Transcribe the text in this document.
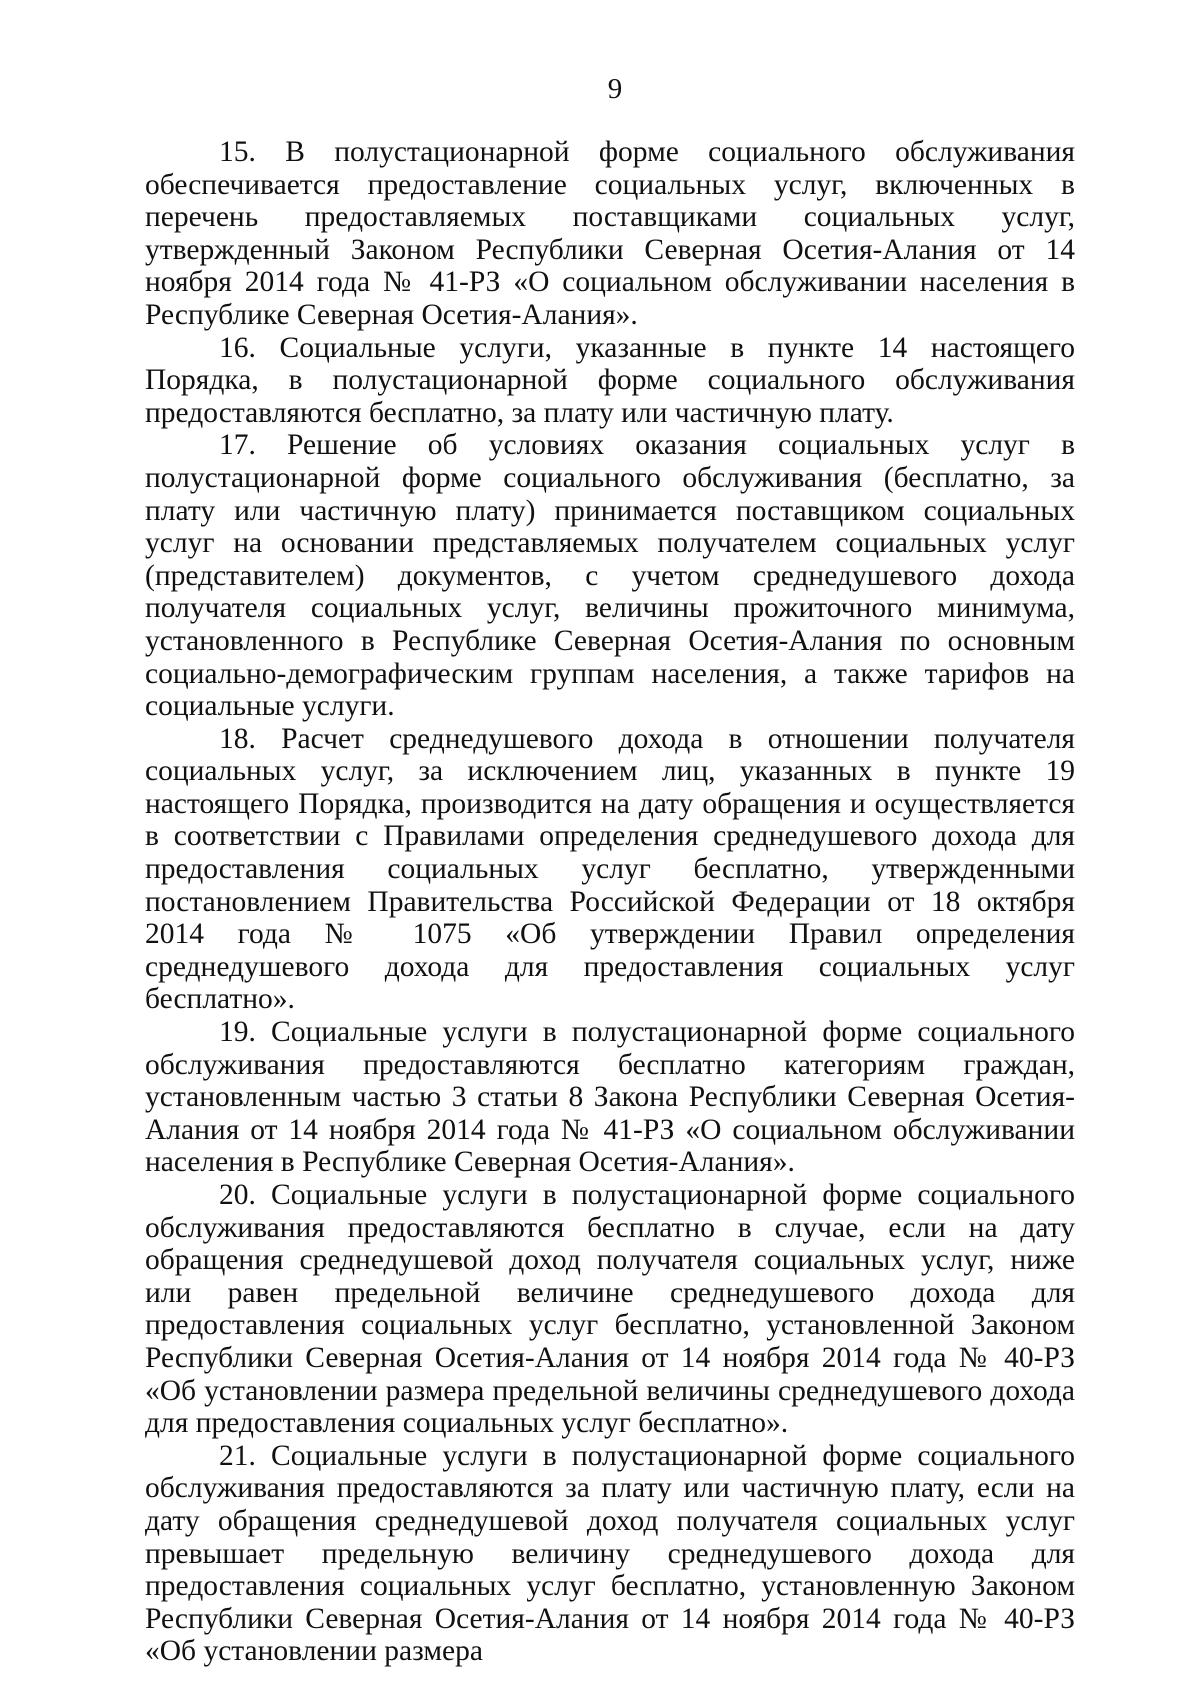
9

15. В полустационарной форме социального обслуживания обеспечивается предоставление социальных услуг, включенных в перечень предоставляемых поставщиками социальных услуг, утвержденный Законом Республики Северная Осетия-Алания от 14 ноября 2014 года № 41-РЗ «О социальном обслуживании населения в Республике Северная Осетия-Алания».

16. Социальные услуги, указанные в пункте 14 настоящего Порядка, в полустационарной форме социального обслуживания предоставляются бесплатно, за плату или частичную плату.

17. Решение об условиях оказания социальных услуг в полустационарной форме социального обслуживания (бесплатно, за плату или частичную плату) принимается поставщиком социальных услуг на основании представляемых получателем социальных услуг (представителем) документов, с учетом среднедушевого дохода получателя социальных услуг, величины прожиточного минимума, установленного в Республике Северная Осетия-Алания по основным социально-демографическим группам населения, а также тарифов на социальные услуги.

18. Расчет среднедушевого дохода в отношении получателя социальных услуг, за исключением лиц, указанных в пункте 19 настоящего Порядка, производится на дату обращения и осуществляется в соответствии с Правилами определения среднедушевого дохода для предоставления социальных услуг бесплатно, утвержденными постановлением Правительства Российской Федерации от 18 октября 2014 года № 1075 «Об утверждении Правил определения среднедушевого дохода для предоставления социальных услуг бесплатно».

19. Социальные услуги в полустационарной форме социального обслуживания предоставляются бесплатно категориям граждан, установленным частью 3 статьи 8 Закона Республики Северная Осетия-Алания от 14 ноября 2014 года № 41-РЗ «О социальном обслуживании населения в Республике Северная Осетия-Алания».

20. Социальные услуги в полустационарной форме социального обслуживания предоставляются бесплатно в случае, если на дату обращения среднедушевой доход получателя социальных услуг, ниже или равен предельной величине среднедушевого дохода для предоставления социальных услуг бесплатно, установленной Законом Республики Северная Осетия-Алания от 14 ноября 2014 года № 40-РЗ «Об установлении размера предельной величины среднедушевого дохода для предоставления социальных услуг бесплатно».

21. Социальные услуги в полустационарной форме социального обслуживания предоставляются за плату или частичную плату, если на дату обращения среднедушевой доход получателя социальных услуг превышает предельную величину среднедушевого дохода для предоставления социальных услуг бесплатно, установленную Законом Республики Северная Осетия-Алания от 14 ноября 2014 года № 40-РЗ «Об установлении размера
